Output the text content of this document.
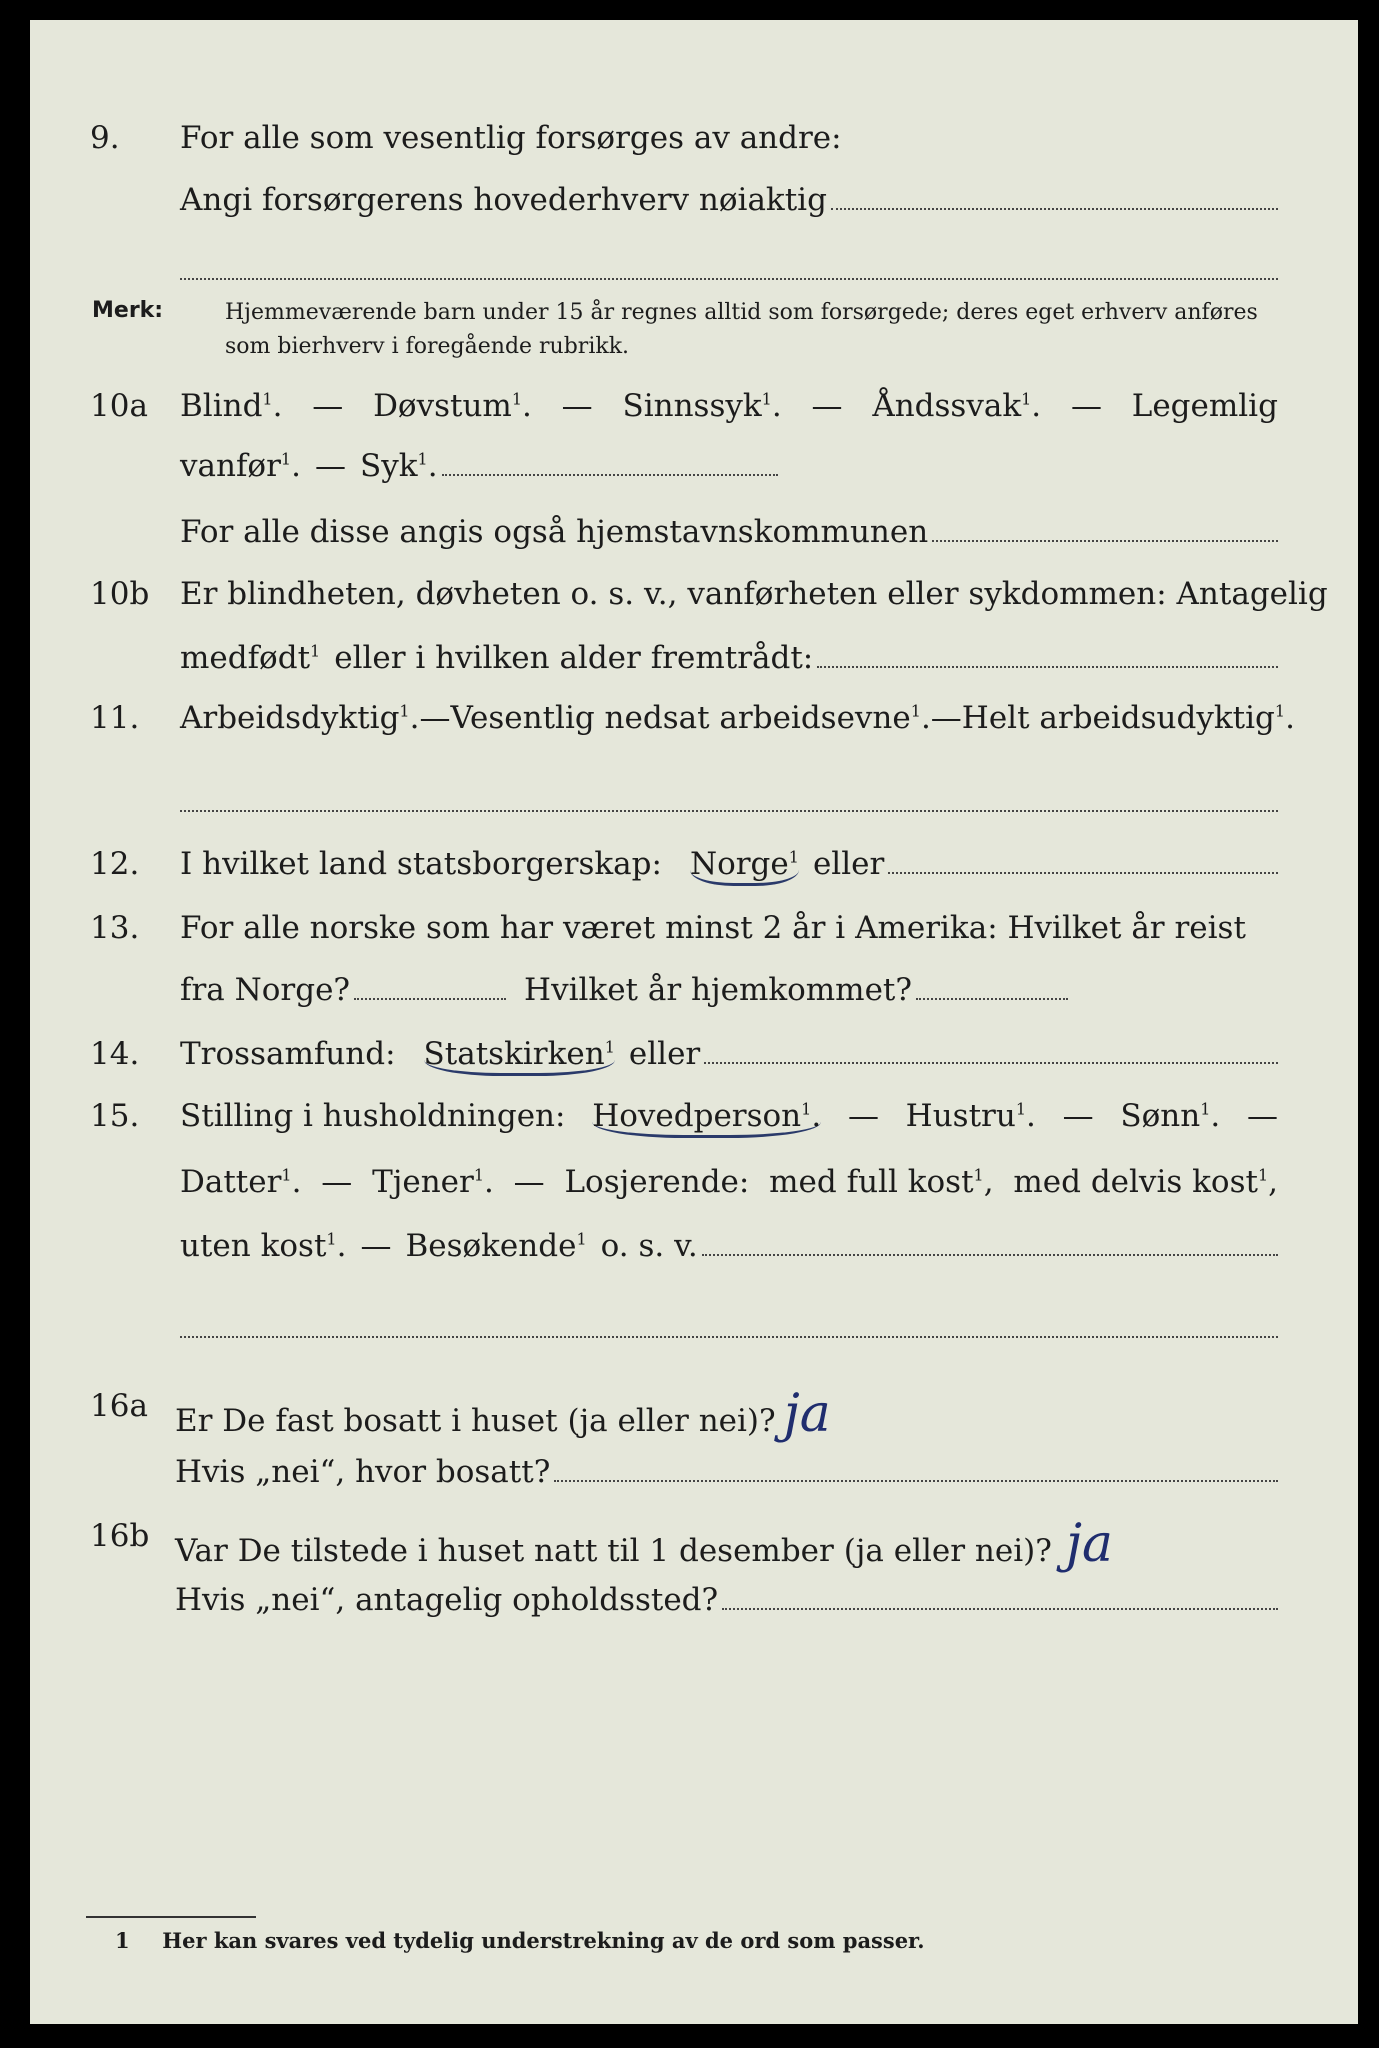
9. For alle som vesentlig forsørges av andre:
Angi forsørgerens hovederhverv nøiaktig
Merk:	Hjemmeværende barn under 15 år regnes alltid som forsørgede; deres eget erhverv anføres som bierhverv i foregående rubrikk.
10a Blind$^1$. — Døvstum$^1$. — Sinnssyk$^1$. — Åndssvak$^1$. — Legemlig
vanfør$^1$. — Syk$^1$.
For alle disse angis også hjemstavnskommunen
10b Er blindheten, døvheten o. s. v., vanførheten eller sykdommen: Antagelig
medfødt$^1$ eller i hvilken alder fremtrådt:
11. Arbeidsdyktig$^1$. — Vesentlig nedsat arbeidsevne$^1$. — Helt arbeidsudyktig$^1$.
12. I hvilket land statsborgerskap: Norge$^1$ eller
13. For alle norske som har været minst 2 år i Amerika: Hvilket år reist
fra Norge?	Hvilket år hjemkommet?
14. Trossamfund: Statskirken$^1$ eller
15. Stilling i husholdningen: Hovedperson$^1$. — Hustru$^1$. — Sønn$^1$. —
Datter$^1$. — Tjener$^1$. — Losjerende: med full kost$^1$, med delvis kost$^1$,
uten kost$^1$. — Besøkende$^1$ o. s. v.
16a Er De fast bosatt i huset (ja eller nei)? ja
Hvis „nei“, hvor bosatt?
16b Var De tilstede i huset natt til 1 desember (ja eller nei)? ja
Hvis „nei“, antagelig opholdssted?
1 Her kan svares ved tydelig understrekning av de ord som passer.
